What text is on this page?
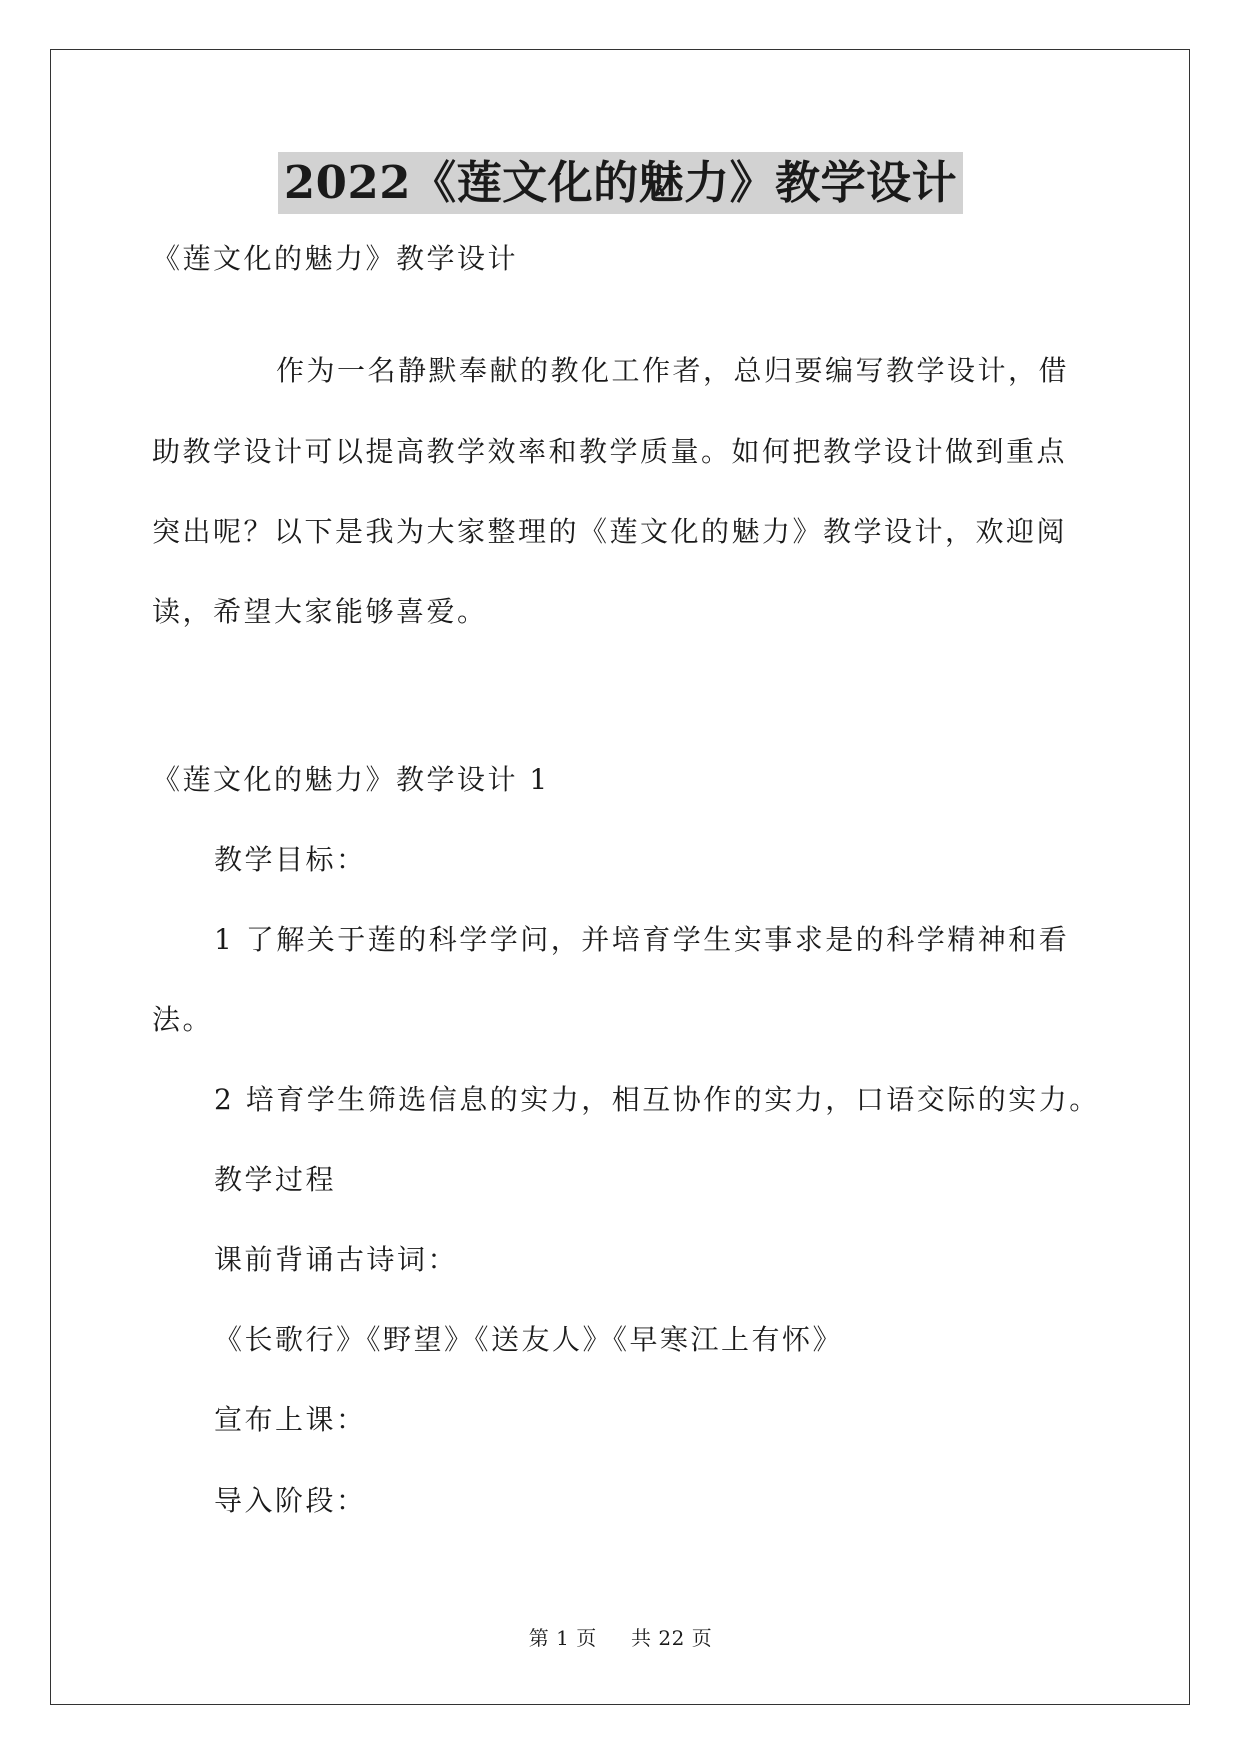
2022《莲文化的魅力》教学设计
《莲文化的魅力》教学设计
作为一名静默奉献的教化工作者，总归要编写教学设计，借
助教学设计可以提高教学效率和教学质量。如何把教学设计做到重点
突出呢？以下是我为大家整理的《莲文化的魅力》教学设计，欢迎阅
读，希望大家能够喜爱。
《莲文化的魅力》教学设计 1
教学目标：
1 了解关于莲的科学学问，并培育学生实事求是的科学精神和看
法。
2 培育学生筛选信息的实力，相互协作的实力，口语交际的实力。
教学过程
课前背诵古诗词：
《长歌行》《野望》《送友人》《早寒江上有怀》
宣布上课：
导入阶段：
第 1 页 共 22 页
